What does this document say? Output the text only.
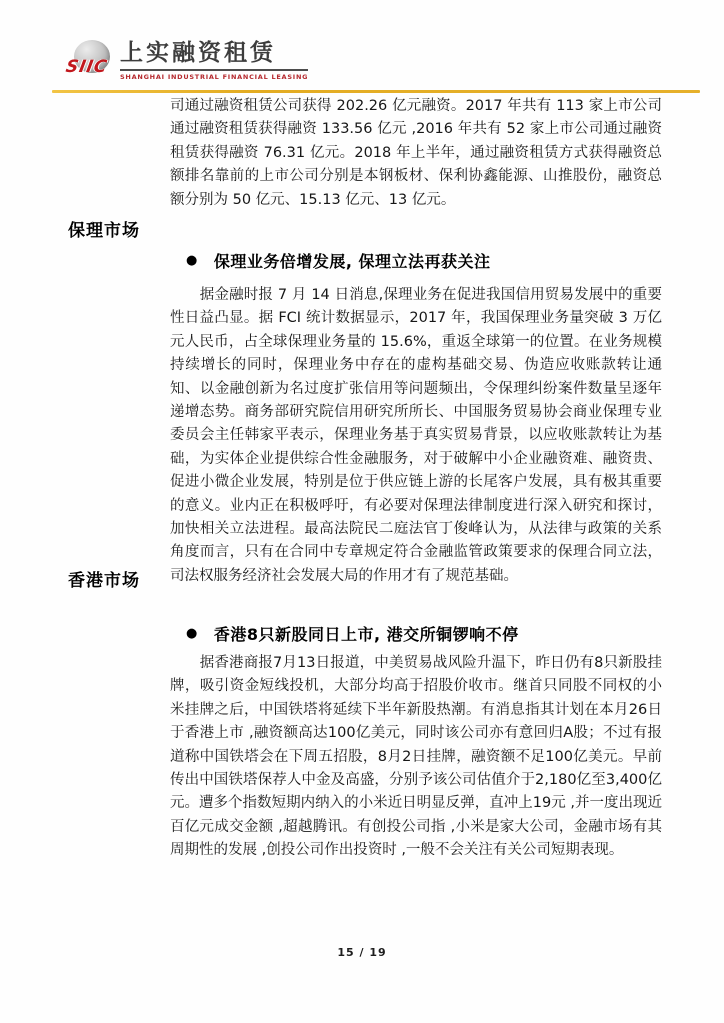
SIIC
上实融资租赁
SHANGHAI INDUSTRIAL FINANCIAL LEASING

司通过融资租赁公司获得 202.26 亿元融资。2017 年共有 113 家上市公司通过融资租赁获得融资 133.56 亿元 ,2016 年共有 52 家上市公司通过融资租赁获得融资 76.31 亿元。2018 年上半年，通过融资租赁方式获得融资总额排名靠前的上市公司分别是本钢板材、保利协鑫能源、山推股份，融资总额分别为 50 亿元、15.13 亿元、13 亿元。

保理市场
● 保理业务倍增发展, 保理立法再获关注

据金融时报 7 月 14 日消息,保理业务在促进我国信用贸易发展中的重要性日益凸显。据 FCI 统计数据显示，2017 年，我国保理业务量突破 3 万亿元人民币，占全球保理业务量的 15.6%，重返全球第一的位置。在业务规模持续增长的同时，保理业务中存在的虚构基础交易、伪造应收账款转让通知、以金融创新为名过度扩张信用等问题频出，令保理纠纷案件数量呈逐年递增态势。商务部研究院信用研究所所长、中国服务贸易协会商业保理专业委员会主任韩家平表示，保理业务基于真实贸易背景，以应收账款转让为基础，为实体企业提供综合性金融服务，对于破解中小企业融资难、融资贵、促进小微企业发展，特别是位于供应链上游的长尾客户发展，具有极其重要的意义。业内正在积极呼吁，有必要对保理法律制度进行深入研究和探讨，加快相关立法进程。最高法院民二庭法官丁俊峰认为，从法律与政策的关系角度而言，只有在合同中专章规定符合金融监管政策要求的保理合同立法，司法权服务经济社会发展大局的作用才有了规范基础。

香港市场
● 香港8只新股同日上市, 港交所铜锣响不停

据香港商报7月13日报道，中美贸易战风险升温下，昨日仍有8只新股挂牌，吸引资金短线投机，大部分均高于招股价收市。继首只同股不同权的小米挂牌之后，中国铁塔将延续下半年新股热潮。有消息指其计划在本月26日于香港上市 ,融资额高达100亿美元，同时该公司亦有意回归A股；不过有报道称中国铁塔会在下周五招股，8月2日挂牌，融资额不足100亿美元。早前传出中国铁塔保荐人中金及高盛，分别予该公司估值介于2,180亿至3,400亿元。遭多个指数短期内纳入的小米近日明显反弹，直冲上19元 ,并一度出现近百亿元成交金额 ,超越腾讯。有创投公司指 ,小米是家大公司，金融市场有其周期性的发展 ,创投公司作出投资时 ,一般不会关注有关公司短期表现。

15 / 19
